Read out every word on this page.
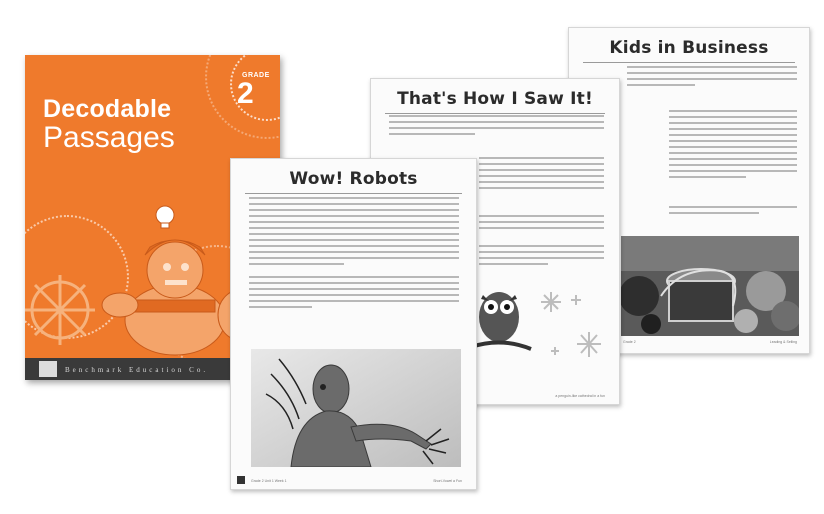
GRADE
2
Decodable
Passages
Benchmark Education Co.
Kids in Business
Grade 2	Leading & Selling
That's How I Saw It!
a penguin-like cathedral in a fun
Wow! Robots
Grade 2 Unit 1 Week 1	Short-Vowel a Fun
